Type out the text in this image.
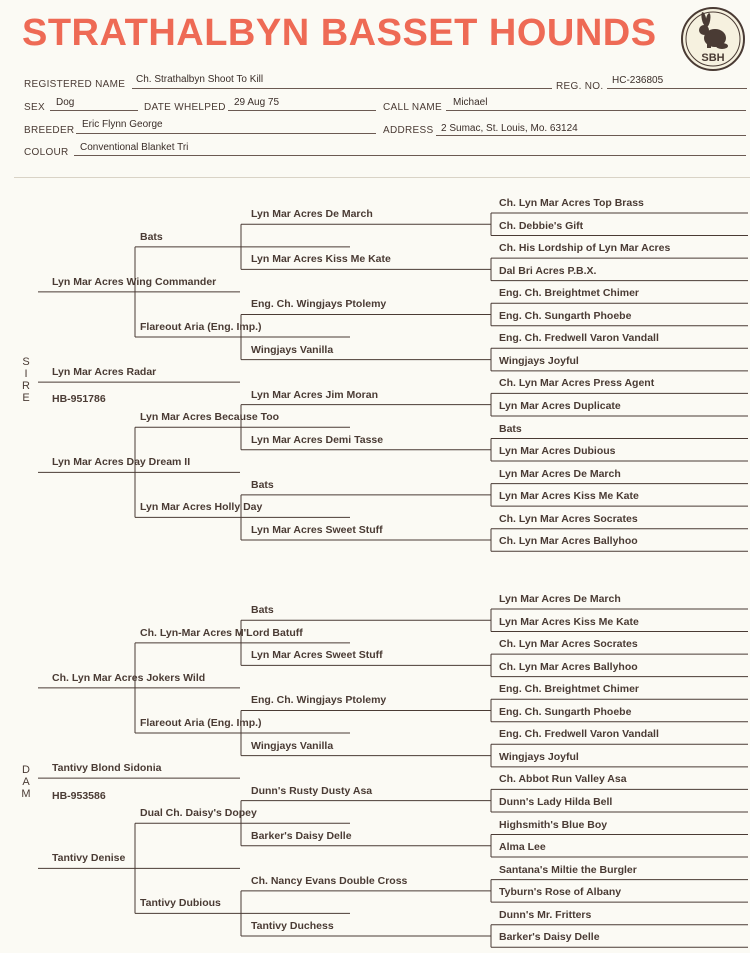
STRATHALBYN BASSET HOUNDS
SBH
REGISTERED NAME Ch. Strathalbyn Shoot To Kill
REG. NO.
HC-236805
SEX Dog	DATE WHELPED 29 Aug 75	CALL NAME Michael
BREEDER
Eric Flynn George
ADDRESS 2 Sumac, St. Louis, Mo. 63124
COLOUR Conventional Blanket Tri
S
I
R
E
D
A
M
HB-951786
HB-953586
Lyn Mar Acres Radar
Lyn Mar Acres Wing Commander
Bats
Lyn Mar Acres De March
Ch. Lyn Mar Acres Top Brass
Ch. Debbie's Gift
Lyn Mar Acres Kiss Me Kate
Ch. His Lordship of Lyn Mar Acres
Dal Bri Acres P.B.X.
Flareout Aria (Eng. Imp.)
Eng. Ch. Wingjays Ptolemy
Eng. Ch. Breightmet Chimer
Eng. Ch. Sungarth Phoebe
Wingjays Vanilla
Eng. Ch. Fredwell Varon Vandall
Wingjays Joyful
Lyn Mar Acres Day Dream II
Lyn Mar Acres Because Too
Lyn Mar Acres Jim Moran
Ch. Lyn Mar Acres Press Agent
Lyn Mar Acres Duplicate
Lyn Mar Acres Demi Tasse
Bats
Lyn Mar Acres Dubious
Lyn Mar Acres Holly Day
Bats
Lyn Mar Acres De March
Lyn Mar Acres Kiss Me Kate
Lyn Mar Acres Sweet Stuff
Ch. Lyn Mar Acres Socrates
Ch. Lyn Mar Acres Ballyhoo
Tantivy Blond Sidonia
Ch. Lyn Mar Acres Jokers Wild
Ch. Lyn-Mar Acres M'Lord Batuff
Bats
Lyn Mar Acres De March
Lyn Mar Acres Kiss Me Kate
Lyn Mar Acres Sweet Stuff
Ch. Lyn Mar Acres Socrates
Ch. Lyn Mar Acres Ballyhoo
Flareout Aria (Eng. Imp.)
Eng. Ch. Wingjays Ptolemy
Eng. Ch. Breightmet Chimer
Eng. Ch. Sungarth Phoebe
Wingjays Vanilla
Eng. Ch. Fredwell Varon Vandall
Wingjays Joyful
Tantivy Denise
Dual Ch. Daisy's Dopey
Dunn's Rusty Dusty Asa
Ch. Abbot Run Valley Asa
Dunn's Lady Hilda Bell
Barker's Daisy Delle
Highsmith's Blue Boy
Alma Lee
Tantivy Dubious
Ch. Nancy Evans Double Cross
Santana's Miltie the Burgler
Tyburn's Rose of Albany
Tantivy Duchess
Dunn's Mr. Fritters
Barker's Daisy Delle
